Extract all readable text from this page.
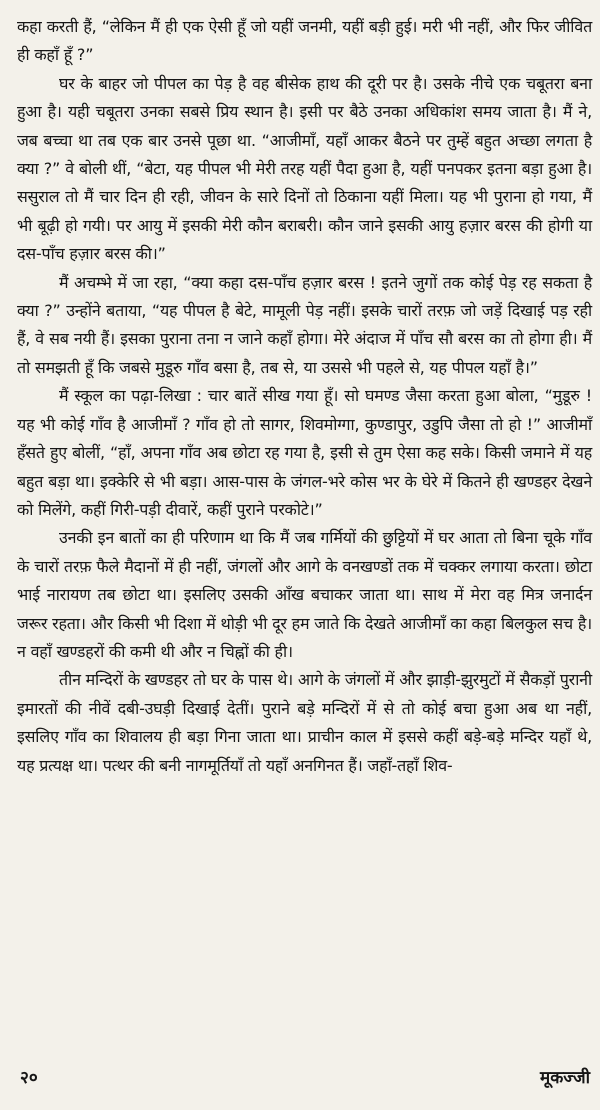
कहा करती हैं, “लेकिन मैं ही एक ऐसी हूँ जो यहीं जनमी, यहीं बड़ी हुई। मरी भी नहीं, और फिर जीवित ही कहाँ हूँ ?”

घर के बाहर जो पीपल का पेड़ है वह बीसेक हाथ की दूरी पर है। उसके नीचे एक चबूतरा बना हुआ है। यही चबूतरा उनका सबसे प्रिय स्थान है। इसी पर बैठे उनका अधिकांश समय जाता है। मैं ने, जब बच्चा था तब एक बार उनसे पूछा था. “आजीमाँ, यहाँ आकर बैठने पर तुम्हें बहुत अच्छा लगता है क्या ?” वे बोली थीं, “बेटा, यह पीपल भी मेरी तरह यहीं पैदा हुआ है, यहीं पनपकर इतना बड़ा हुआ है। ससुराल तो मैं चार दिन ही रही, जीवन के सारे दिनों तो ठिकाना यहीं मिला। यह भी पुराना हो गया, मैं भी बूढ़ी हो गयी। पर आयु में इसकी मेरी कौन बराबरी। कौन जाने इसकी आयु हज़ार बरस की होगी या दस-पाँच हज़ार बरस की।”

मैं अचम्भे में जा रहा, “क्या कहा दस-पाँच हज़ार बरस ! इतने जुगों तक कोई पेड़ रह सकता है क्या ?” उन्होंने बताया, “यह पीपल है बेटे, मामूली पेड़ नहीं। इसके चारों तरफ़ जो जड़ें दिखाई पड़ रही हैं, वे सब नयी हैं। इसका पुराना तना न जाने कहाँ होगा। मेरे अंदाज में पाँच सौ बरस का तो होगा ही। मैं तो समझती हूँ कि जबसे मुडूरु गाँव बसा है, तब से, या उससे भी पहले से, यह पीपल यहाँ है।”

मैं स्कूल का पढ़ा-लिखा : चार बातें सीख गया हूँ। सो घमण्ड जैसा करता हुआ बोला, “मुडूरु ! यह भी कोई गाँव है आजीमाँ ? गाँव हो तो सागर, शिवमोग्गा, कुण्डापुर, उडुपि जैसा तो हो !” आजीमाँ हँसते हुए बोलीं, “हाँ, अपना गाँव अब छोटा रह गया है, इसी से तुम ऐसा कह सके। किसी जमाने में यह बहुत बड़ा था। इक्केरि से भी बड़ा। आस-पास के जंगल-भरे कोस भर के घेरे में कितने ही खण्डहर देखने को मिलेंगे, कहीं गिरी-पड़ी दीवारें, कहीं पुराने परकोटे।”

उनकी इन बातों का ही परिणाम था कि मैं जब गर्मियों की छुट्टियों में घर आता तो बिना चूके गाँव के चारों तरफ़ फैले मैदानों में ही नहीं, जंगलों और आगे के वनखण्डों तक में चक्कर लगाया करता। छोटा भाई नारायण तब छोटा था। इसलिए उसकी आँख बचाकर जाता था। साथ में मेरा वह मित्र जनार्दन जरूर रहता। और किसी भी दिशा में थोड़ी भी दूर हम जाते कि देखते आजीमाँ का कहा बिलकुल सच है। न वहाँ खण्डहरों की कमी थी और न चिह्नों की ही।

तीन मन्दिरों के खण्डहर तो घर के पास थे। आगे के जंगलों में और झाड़ी-झुरमुटों में सैकड़ों पुरानी इमारतों की नीवें दबी-उघड़ी दिखाई देतीं। पुराने बड़े मन्दिरों में से तो कोई बचा हुआ अब था नहीं, इसलिए गाँव का शिवालय ही बड़ा गिना जाता था। प्राचीन काल में इससे कहीं बड़े-बड़े मन्दिर यहाँ थे, यह प्रत्यक्ष था। पत्थर की बनी नागमूर्तियाँ तो यहाँ अनगिनत हैं। जहाँ-तहाँ शिव-

२०	मूकज्जी
